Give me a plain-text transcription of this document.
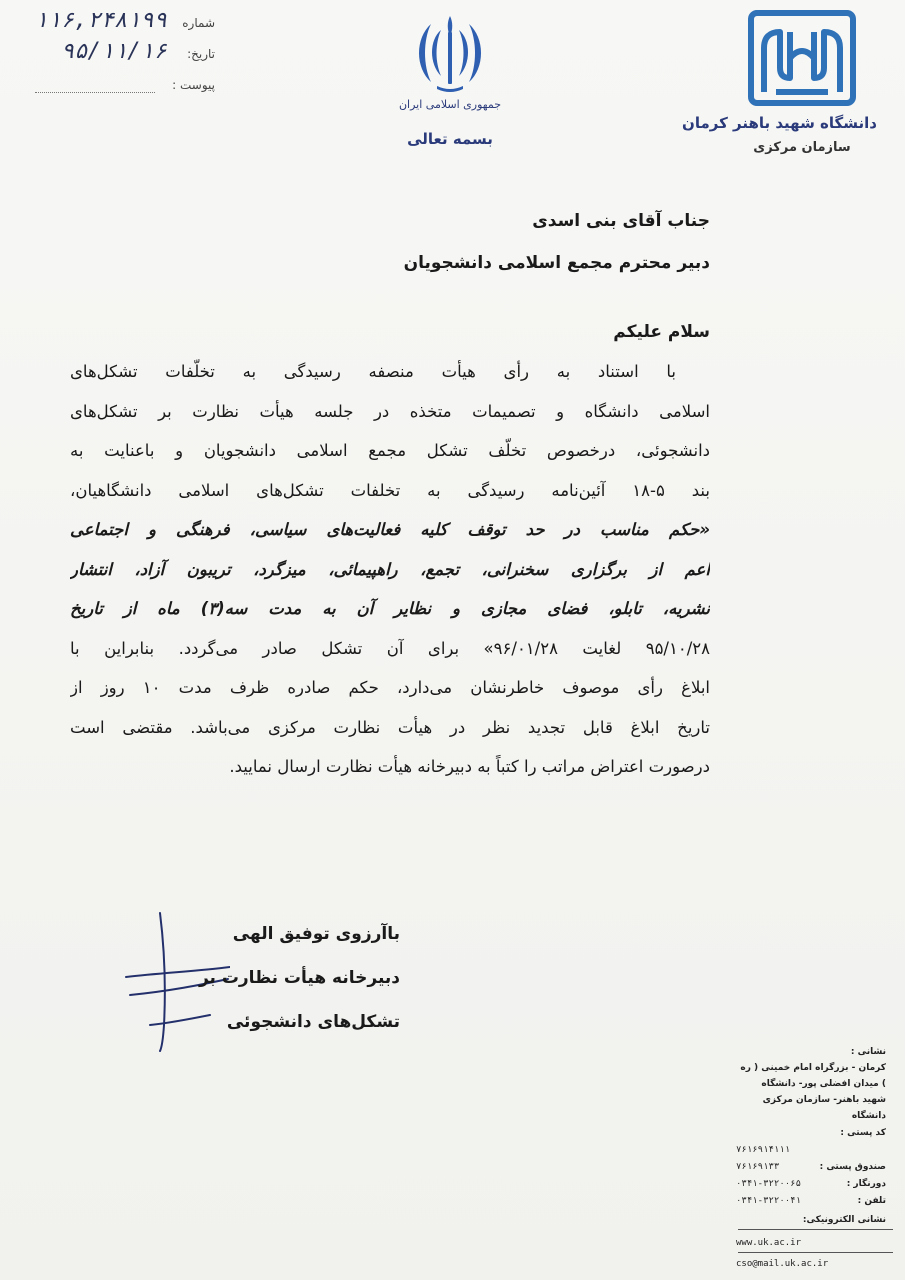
شماره
۱۱۶,۲۴۸۱۹۹
تاریخ:
۹۵/۱۱/۱۶
پیوست :
جمهوری اسلامی ایران
بسمه تعالی
دانشگاه شهید باهنر کرمان
سازمان مرکزی
جناب آقای بنی اسدی
دبیر محترم مجمع اسلامی دانشجویان
سلام علیکم
با استناد به رأی هیأت منصفه رسیدگی به تخلّفات تشکل‌های
اسلامی دانشگاه و تصمیمات متخذه در جلسه هیأت نظارت بر تشکل‌های
دانشجوئی، درخصوص تخلّف تشکل مجمع اسلامی دانشجویان و باعنایت به
بند ۵-۱۸ آئین‌نامه رسیدگی به تخلفات تشکل‌های اسلامی دانشگاهیان،
«حکم مناسب در حد توقف کلیه فعالیت‌های سیاسی، فرهنگی و اجتماعی
اعم از برگزاری سخنرانی، تجمع، راهپیمائی، میزگرد، تریبون آزاد، انتشار
نشریه، تابلو، فضای مجازی و نظایر آن به مدت سه(۳) ماه از تاریخ
۹۵/۱۰/۲۸ لغایت ۹۶/۰۱/۲۸» برای آن تشکل صادر می‌گردد. بنابراین با
ابلاغ رأی موصوف خاطرنشان می‌دارد، حکم صادره ظرف مدت ۱۰ روز از
تاریخ ابلاغ قابل تجدید نظر در هیأت نظارت مرکزی می‌باشد. مقتضی است
درصورت اعتراض مراتب را کتباً به دبیرخانه هیأت نظارت ارسال نمایید.
باآرزوی توفیق الهی
دبیرخانه هیأت نظارت بر
تشکل‌های دانشجوئی
نشانی :
کرمان - بزرگراه امام خمینی ( ره ) میدان افضلی پور- دانشگاه شهید باهنر- سازمان مرکزی دانشگاه
کد پستی :
۷۶۱۶۹۱۴۱۱۱
صندوق پستی :
۷۶۱۶۹۱۳۳
دورنگار :
۰۳۴۱-۳۲۲۰۰۶۵
تلفن :
۰۳۴۱-۳۲۲۰۰۴۱
نشانی الکترونیکی:
www.uk.ac.ir
cso@mail.uk.ac.ir
